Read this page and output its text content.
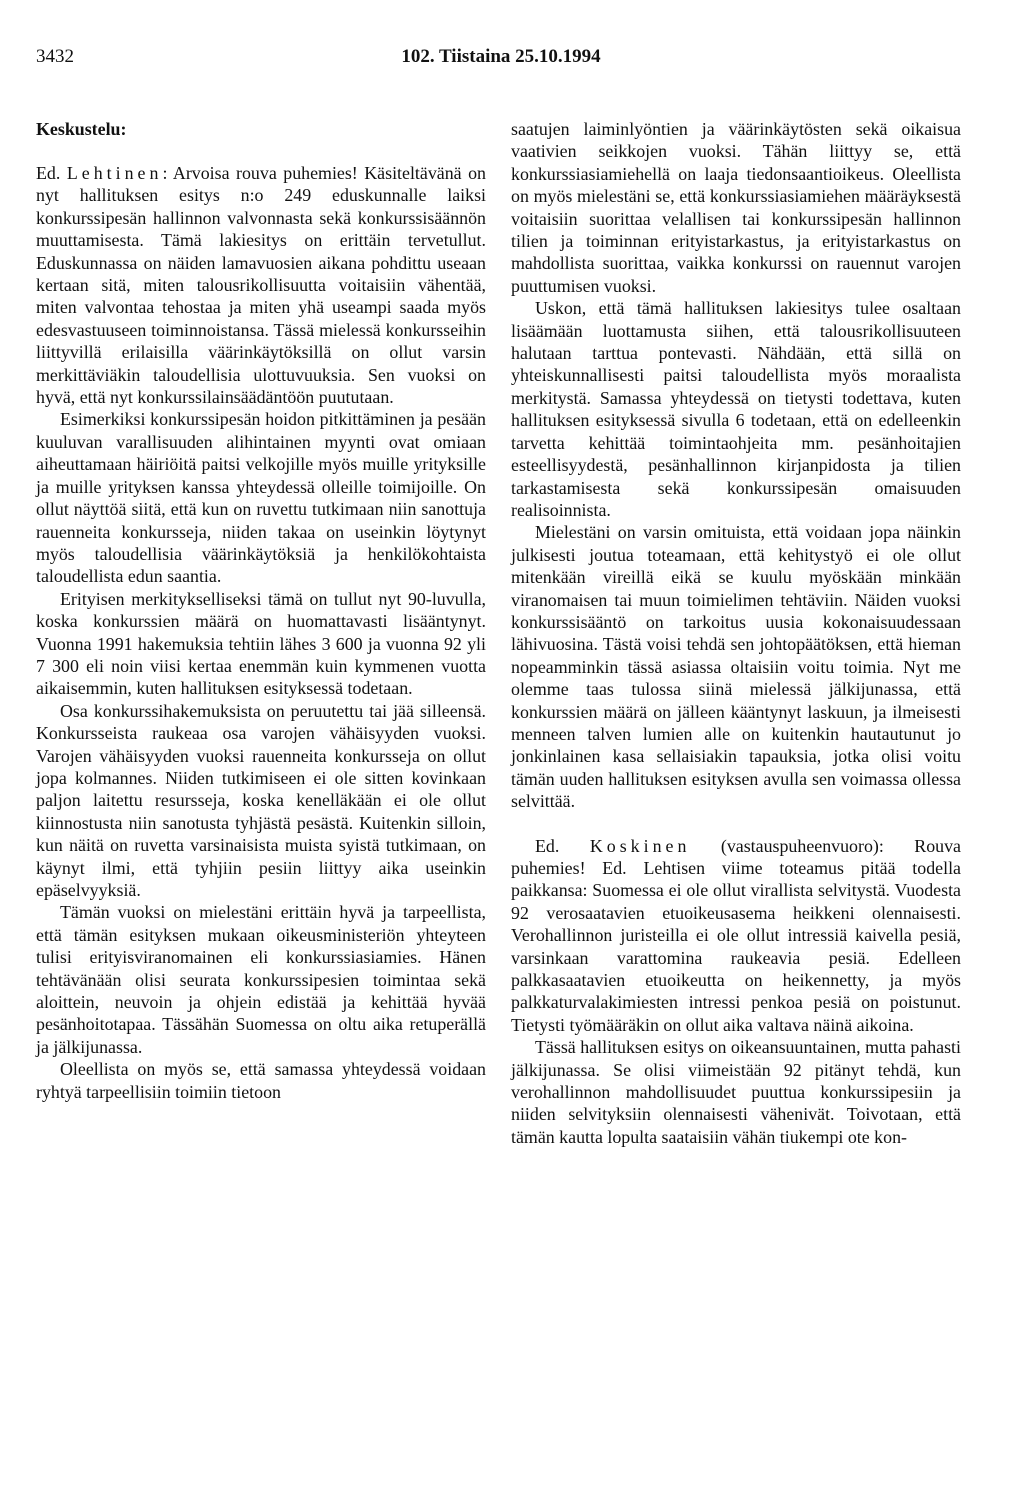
3432	102. Tiistaina 25.10.1994
Keskustelu:

Ed. Lehtinen: Arvoisa rouva puhemies! Käsiteltävänä on nyt hallituksen esitys n:o 249 eduskunnalle laiksi konkurssipesän hallinnon valvonnasta sekä konkurssisäännön muuttamisesta. Tämä lakiesitys on erittäin tervetullut. Eduskunnassa on näiden lamavuosien aikana pohdittu useaan kertaan sitä, miten talousrikollisuutta voitaisiin vähentää, miten valvontaa tehostaa ja miten yhä useampi saada myös edesvastuuseen toiminnoistansa. Tässä mielessä konkursseihin liittyvillä erilaisilla väärinkäytöksillä on ollut varsin merkittäviäkin taloudellisia ulottuvuuksia. Sen vuoksi on hyvä, että nyt konkurssilainsäädäntöön puututaan.

Esimerkiksi konkurssipesän hoidon pitkittäminen ja pesään kuuluvan varallisuuden alihintainen myynti ovat omiaan aiheuttamaan häiriöitä paitsi velkojille myös muille yrityksille ja muille yrityksen kanssa yhteydessä olleille toimijoille. On ollut näyttöä siitä, että kun on ruvettu tutkimaan niin sanottuja rauenneita konkursseja, niiden takaa on useinkin löytynyt myös taloudellisia väärinkäytöksiä ja henkilökohtaista taloudellista edun saantia.

Erityisen merkitykselliseksi tämä on tullut nyt 90-luvulla, koska konkurssien määrä on huomattavasti lisääntynyt. Vuonna 1991 hakemuksia tehtiin lähes 3 600 ja vuonna 92 yli 7 300 eli noin viisi kertaa enemmän kuin kymmenen vuotta aikaisemmin, kuten hallituksen esityksessä todetaan.

Osa konkurssihakemuksista on peruutettu tai jää silleensä. Konkursseista raukeaa osa varojen vähäisyyden vuoksi. Varojen vähäisyyden vuoksi rauenneita konkursseja on ollut jopa kolmannes. Niiden tutkimiseen ei ole sitten kovinkaan paljon laitettu resursseja, koska kenelläkään ei ole ollut kiinnostusta niin sanotusta tyhjästä pesästä. Kuitenkin silloin, kun näitä on ruvetta varsinaisista muista syistä tutkimaan, on käynyt ilmi, että tyhjiin pesiin liittyy aika useinkin epäselvyyksiä.

Tämän vuoksi on mielestäni erittäin hyvä ja tarpeellista, että tämän esityksen mukaan oikeusministeriön yhteyteen tulisi erityisviranomainen eli konkurssiasiamies. Hänen tehtävänään olisi seurata konkurssipesien toimintaa sekä aloittein, neuvoin ja ohjein edistää ja kehittää hyvää pesänhoitotapaa. Tässähän Suomessa on oltu aika retuperällä ja jälkijunassa.

Oleellista on myös se, että samassa yhteydessä voidaan ryhtyä tarpeellisiin toimiin tietoon

saatujen laiminlyöntien ja väärinkäytösten sekä oikaisua vaativien seikkojen vuoksi. Tähän liittyy se, että konkurssiasiamiehellä on laaja tiedonsaantioikeus. Oleellista on myös mielestäni se, että konkurssiasiamiehen määräyksestä voitaisiin suorittaa velallisen tai konkurssipesän hallinnon tilien ja toiminnan erityistarkastus, ja erityistarkastus on mahdollista suorittaa, vaikka konkurssi on rauennut varojen puuttumisen vuoksi.

Uskon, että tämä hallituksen lakiesitys tulee osaltaan lisäämään luottamusta siihen, että talousrikollisuuteen halutaan tarttua pontevasti. Nähdään, että sillä on yhteiskunnallisesti paitsi taloudellista myös moraalista merkitystä. Samassa yhteydessä on tietysti todettava, kuten hallituksen esityksessä sivulla 6 todetaan, että on edelleenkin tarvetta kehittää toimintaohjeita mm. pesänhoitajien esteellisyydestä, pesänhallinnon kirjanpidosta ja tilien tarkastamisesta sekä konkurssipesän omaisuuden realisoinnista.

Mielestäni on varsin omituista, että voidaan jopa näinkin julkisesti joutua toteamaan, että kehitystyö ei ole ollut mitenkään vireillä eikä se kuulu myöskään minkään viranomaisen tai muun toimielimen tehtäviin. Näiden vuoksi konkurssisääntö on tarkoitus uusia kokonaisuudessaan lähivuosina. Tästä voisi tehdä sen johtopäätöksen, että hieman nopeamminkin tässä asiassa oltaisiin voitu toimia. Nyt me olemme taas tulossa siinä mielessä jälkijunassa, että konkurssien määrä on jälleen kääntynyt laskuun, ja ilmeisesti menneen talven lumien alle on kuitenkin hautautunut jo jonkinlainen kasa sellaisiakin tapauksia, jotka olisi voitu tämän uuden hallituksen esityksen avulla sen voimassa ollessa selvittää.

Ed. Koskinen (vastauspuheenvuoro): Rouva puhemies! Ed. Lehtisen viime toteamus pitää todella paikkansa: Suomessa ei ole ollut virallista selvitystä. Vuodesta 92 verosaatavien etuoikeusasema heikkeni olennaisesti. Verohallinnon juristeilla ei ole ollut intressiä kaivella pesiä, varsinkaan varattomina raukeavia pesiä. Edelleen palkkasaatavien etuoikeutta on heikennetty, ja myös palkkaturvalakimiesten intressi penkoa pesiä on poistunut. Tietysti työmääräkin on ollut aika valtava näinä aikoina.

Tässä hallituksen esitys on oikeansuuntainen, mutta pahasti jälkijunassa. Se olisi viimeistään 92 pitänyt tehdä, kun verohallinnon mahdollisuudet puuttua konkurssipesiin ja niiden selvityksiin olennaisesti vähenivät. Toivotaan, että tämän kautta lopulta saataisiin vähän tiukempi ote kon-
